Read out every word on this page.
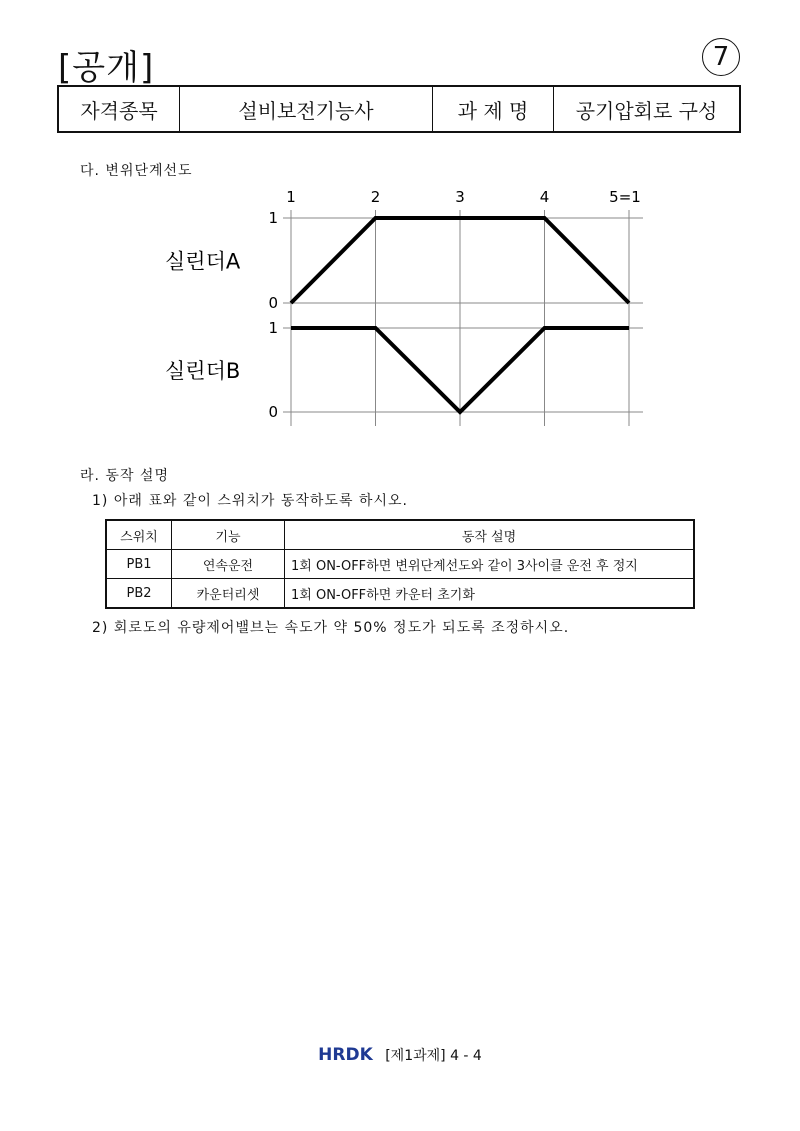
[공개]	7
자격종목	설비보전기능사	과 제 명	공기압회로 구성
다. 변위단계선도
1	2	3	4	5=1
1
0
실린더A
1
0
실린더B
라. 동작 설명
1) 아래 표와 같이 스위치가 동작하도록 하시오.
스위치	기능	동작 설명
PB1	연속운전	1회 ON-OFF하면 변위단계선도와 같이 3사이클 운전 후 정지
PB2	카운터리셋	1회 ON-OFF하면 카운터 초기화
2) 회로도의 유량제어밸브는 속도가 약 50% 정도가 되도록 조정하시오.
HRDK [제1과제] 4 - 4
